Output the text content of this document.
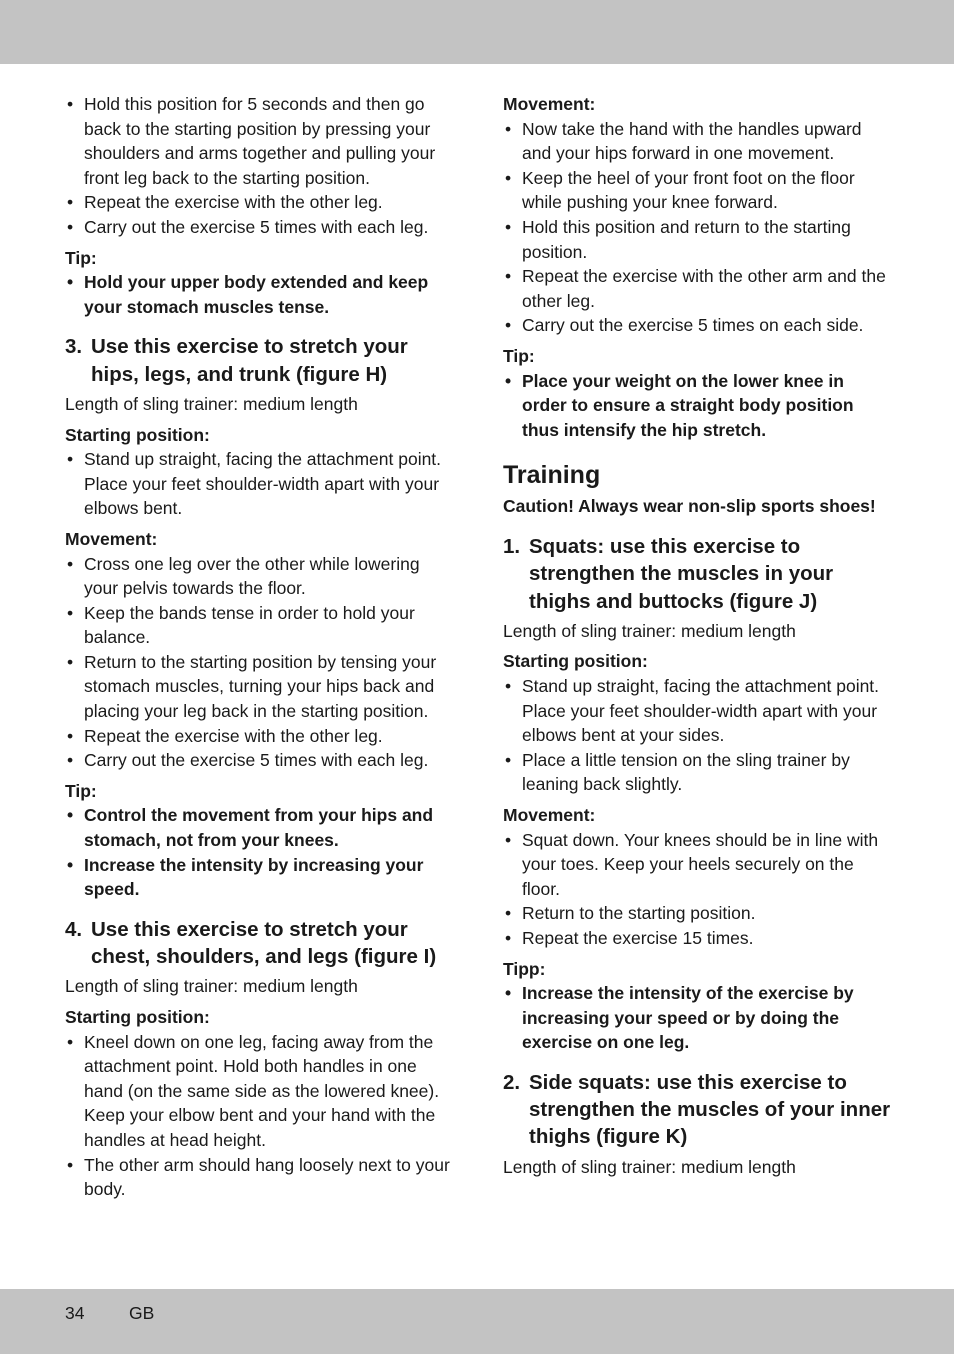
• Hold this position for 5 seconds and then go back to the starting position by pressing your shoulders and arms together and pulling your front leg back to the starting position.
• Repeat the exercise with the other leg.
• Carry out the exercise 5 times with each leg.
Tip:
• Hold your upper body extended and keep your stomach muscles tense.
3. Use this exercise to stretch your hips, legs, and trunk (figure H)
Length of sling trainer: medium length
Starting position:
• Stand up straight, facing the attachment point. Place your feet shoulder-width apart with your elbows bent.
Movement:
• Cross one leg over the other while lowering your pelvis towards the floor.
• Keep the bands tense in order to hold your balance.
• Return to the starting position by tensing your stomach muscles, turning your hips back and placing your leg back in the starting position.
• Repeat the exercise with the other leg.
• Carry out the exercise 5 times with each leg.
Tip:
• Control the movement from your hips and stomach, not from your knees.
• Increase the intensity by increasing your speed.
4. Use this exercise to stretch your chest, shoulders, and legs (figure I)
Length of sling trainer: medium length
Starting position:
• Kneel down on one leg, facing away from the attachment point. Hold both handles in one hand (on the same side as the lowered knee). Keep your elbow bent and your hand with the handles at head height.
• The other arm should hang loosely next to your body.
Movement:
• Now take the hand with the handles upward and your hips forward in one movement.
• Keep the heel of your front foot on the floor while pushing your knee forward.
• Hold this position and return to the starting position.
• Repeat the exercise with the other arm and the other leg.
• Carry out the exercise 5 times on each side.
Tip:
• Place your weight on the lower knee in order to ensure a straight body position thus intensify the hip stretch.
Training
Caution! Always wear non-slip sports shoes!
1. Squats: use this exercise to strengthen the muscles in your thighs and buttocks (figure J)
Length of sling trainer: medium length
Starting position:
• Stand up straight, facing the attachment point. Place your feet shoulder-width apart with your elbows bent at your sides.
• Place a little tension on the sling trainer by leaning back slightly.
Movement:
• Squat down. Your knees should be in line with your toes. Keep your heels securely on the floor.
• Return to the starting position.
• Repeat the exercise 15 times.
Tipp:
• Increase the intensity of the exercise by increasing your speed or by doing the exercise on one leg.
2. Side squats: use this exercise to strengthen the muscles of your inner thighs (figure K)
Length of sling trainer: medium length
34	GB
